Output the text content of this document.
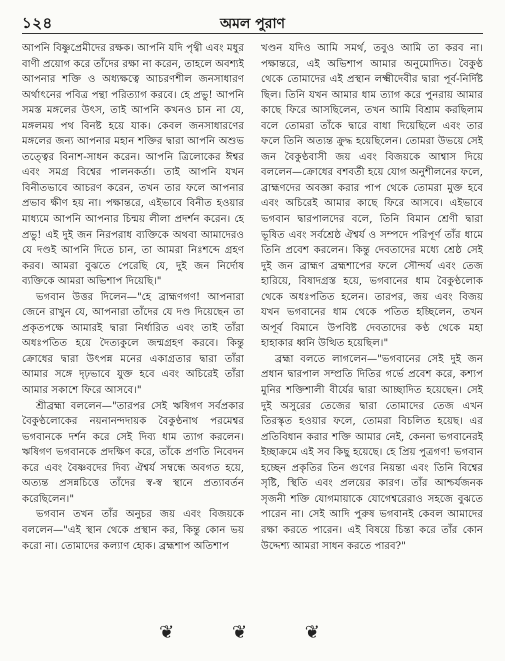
১২৪	অমল পুরাণ

আপনি বিষ্ণুপ্রেমীদের রক্ষক। আপনি যদি পৃথ্বী এবং মধুর বাণী প্রয়োগ করে তাঁদের রক্ষা না করেন, তাহলে অবশ্যই আপনার শক্তি ও অধ্যক্ষত্বে আচরণশীল জনসাধারণ অর্থাৎনের পবিত্র পন্থা পরিত্যাগ করবে। হে প্রভু! আপনি সমস্ত মঙ্গলের উৎস, তাই আপনি কখনও চান না যে, মঙ্গলময় পথ বিনষ্ট হয়ে যাক। কেবল জনসাধারণের মঙ্গলের জন্য আপনার মহান শক্তির দ্বারা আপনি অশুভ তত্ত্বের বিনাশ-সাধন করেন। আপনি ত্রিলোকের ঈশ্বর এবং সমগ্র বিশ্বের পালনকর্তা। তাই আপনি যখন বিনীতভাবে আচরণ করেন, তখন তার ফলে আপনার প্রভাব ক্ষীণ হয় না। পক্ষান্তরে, এইভাবে বিনীত হওয়ার মাধ্যমে আপনি আপনার চিন্ময় লীলা প্রদর্শন করেন। হে প্রভু! এই দুই জন নিরপরাধ ব্যক্তিকে অথবা আমাদেরও যে দণ্ডই আপনি দিতে চান, তা আমরা নিঃশব্দে গ্রহণ করব। আমরা বুঝতে পেরেছি যে, দুই জন নির্দোষ ব্যক্তিকে আমরা অভিশাপ দিয়েছি।"

ভগবান উত্তর দিলেন—"হে ব্রাহ্মণগণ! আপনারা জেনে রাখুন যে, আপনারা তাঁদের যে দণ্ড দিয়েছেন তা প্রকৃতপক্ষে আমারই দ্বারা নির্ধারিত এবং তাই তাঁরা অধঃপতিত হয়ে দৈত্যকুলে জন্মগ্রহণ করবে। কিন্তু ক্রোধের দ্বারা উৎপন্ন মনের একাগ্রতার দ্বারা তাঁরা আমার সঙ্গে দৃঢ়ভাবে যুক্ত হবে এবং অচিরেই তাঁরা আমার সকাশে ফিরে আসবে।"

শ্রীব্রহ্মা বললেন—"তারপর সেই ঋষিগণ সর্বপ্রকার বৈকুণ্ঠলোকের নয়নানন্দদায়ক বৈকুণ্ঠনাথ পরমেশ্বর ভগবানকে দর্শন করে সেই দিব্য ধাম ত্যাগ করলেন। ঋষিগণ ভগবানকে প্রদক্ষিণ করে, তাঁকে প্রণতি নিবেদন করে এবং বৈষ্ণবদের দিব্য ঐশ্বর্য সম্বন্ধে অবগত হয়ে, অত্যন্ত প্রসন্নচিত্তে তাঁদের স্ব-স্ব স্থানে প্রত্যাবর্তন করেছিলেন।"

ভগবান তখন তাঁর অনুচর জয় এবং বিজয়কে বললেন—"এই স্থান থেকে প্রস্থান কর, কিন্তু কোন ভয় করো না। তোমাদের কল্যাণ হোক। ব্রহ্মশাপ অতিশাপ

খণ্ডন যদিও আমি সমর্থ, তবুও আমি তা করব না। পক্ষান্তরে, এই অভিশাপ আমার অনুমোদিত। বৈকুণ্ঠ থেকে তোমাদের এই প্রস্থান লক্ষ্মীদেবীর দ্বারা পূর্ব-নির্দিষ্ট ছিল। তিনি যখন আমার ধাম ত্যাগ করে পুনরায় আমার কাছে ফিরে আসছিলেন, তখন আমি বিশ্রাম করছিলাম বলে তোমরা তাঁকে দ্বারে বাধা দিয়েছিলে এবং তার ফলে তিনি অত্যন্ত ক্রুদ্ধ হয়েছিলেন। তোমরা উভয়ে সেই জন বৈকুণ্ঠবাসী জয় এবং বিজয়কে আশ্বাস দিয়ে বললেন—ক্রোধের বশবর্তী হয়ে যোগ অনুশীলনের ফলে, ব্রাহ্মণদের অবজ্ঞা করার পাপ থেকে তোমরা মুক্ত হবে এবং অচিরেই আমার কাছে ফিরে আসবে। এইভাবে ভগবান দ্বারপালদের বলে, তিনি বিমান শ্রেণী দ্বারা ভূষিত এবং সর্বশ্রেষ্ঠ ঐশ্বর্য ও সম্পদে পরিপূর্ণ তাঁর ধামে তিনি প্রবেশ করলেন। কিন্তু দেবতাদের মধ্যে শ্রেষ্ঠ সেই দুই জন ব্রাহ্মণ ব্রহ্মশাপের ফলে সৌন্দর্য এবং তেজ হারিয়ে, বিষাদগ্রস্ত হয়ে, ভগবানের ধাম বৈকুণ্ঠলোক থেকে অধঃপতিত হলেন। তারপর, জয় এবং বিজয় যখন ভগবানের ধাম থেকে পতিত হচ্ছিলেন, তখন অপূর্ব বিমানে উপবিষ্ট দেবতাদের কণ্ঠ থেকে মহা হাহাকার ধ্বনি উত্থিত হয়েছিল।"

ব্রহ্মা বলতে লাগলেন—"ভগবানের সেই দুই জন প্রধান দ্বারপাল সম্প্রতি দিতির গর্ভে প্রবেশ করে, কশ্যপ মুনির শক্তিশালী বীর্যের দ্বারা আচ্ছাদিত হয়েছেন। সেই দুই অসুরের তেজের দ্বারা তোমাদের তেজ এখন তিরস্কৃত হওয়ার ফলে, তোমরা বিচলিত হয়েছ। এর প্রতিবিধান করার শক্তি আমার নেই, কেননা ভগবানেরই ইচ্ছাক্রমে এই সব কিছু হয়েছে। হে প্রিয় পুত্রগণ! ভগবান হচ্ছেন প্রকৃতির তিন গুণের নিয়ন্তা এবং তিনি বিশ্বের সৃষ্টি, স্থিতি এবং প্রলয়ের কারণ। তাঁর আশ্চর্যজনক সৃজনী শক্তি যোগমায়াকে যোগেশ্বরেরাও সহজে বুঝতে পারেন না। সেই আদি পুরুষ ভগবানই কেবল আমাদের রক্ষা করতে পারেন। এই বিষয়ে চিন্তা করে তাঁর কোন উদ্দেশ্য আমরা সাধন করতে পারব?"

❦ ❦ ❦
